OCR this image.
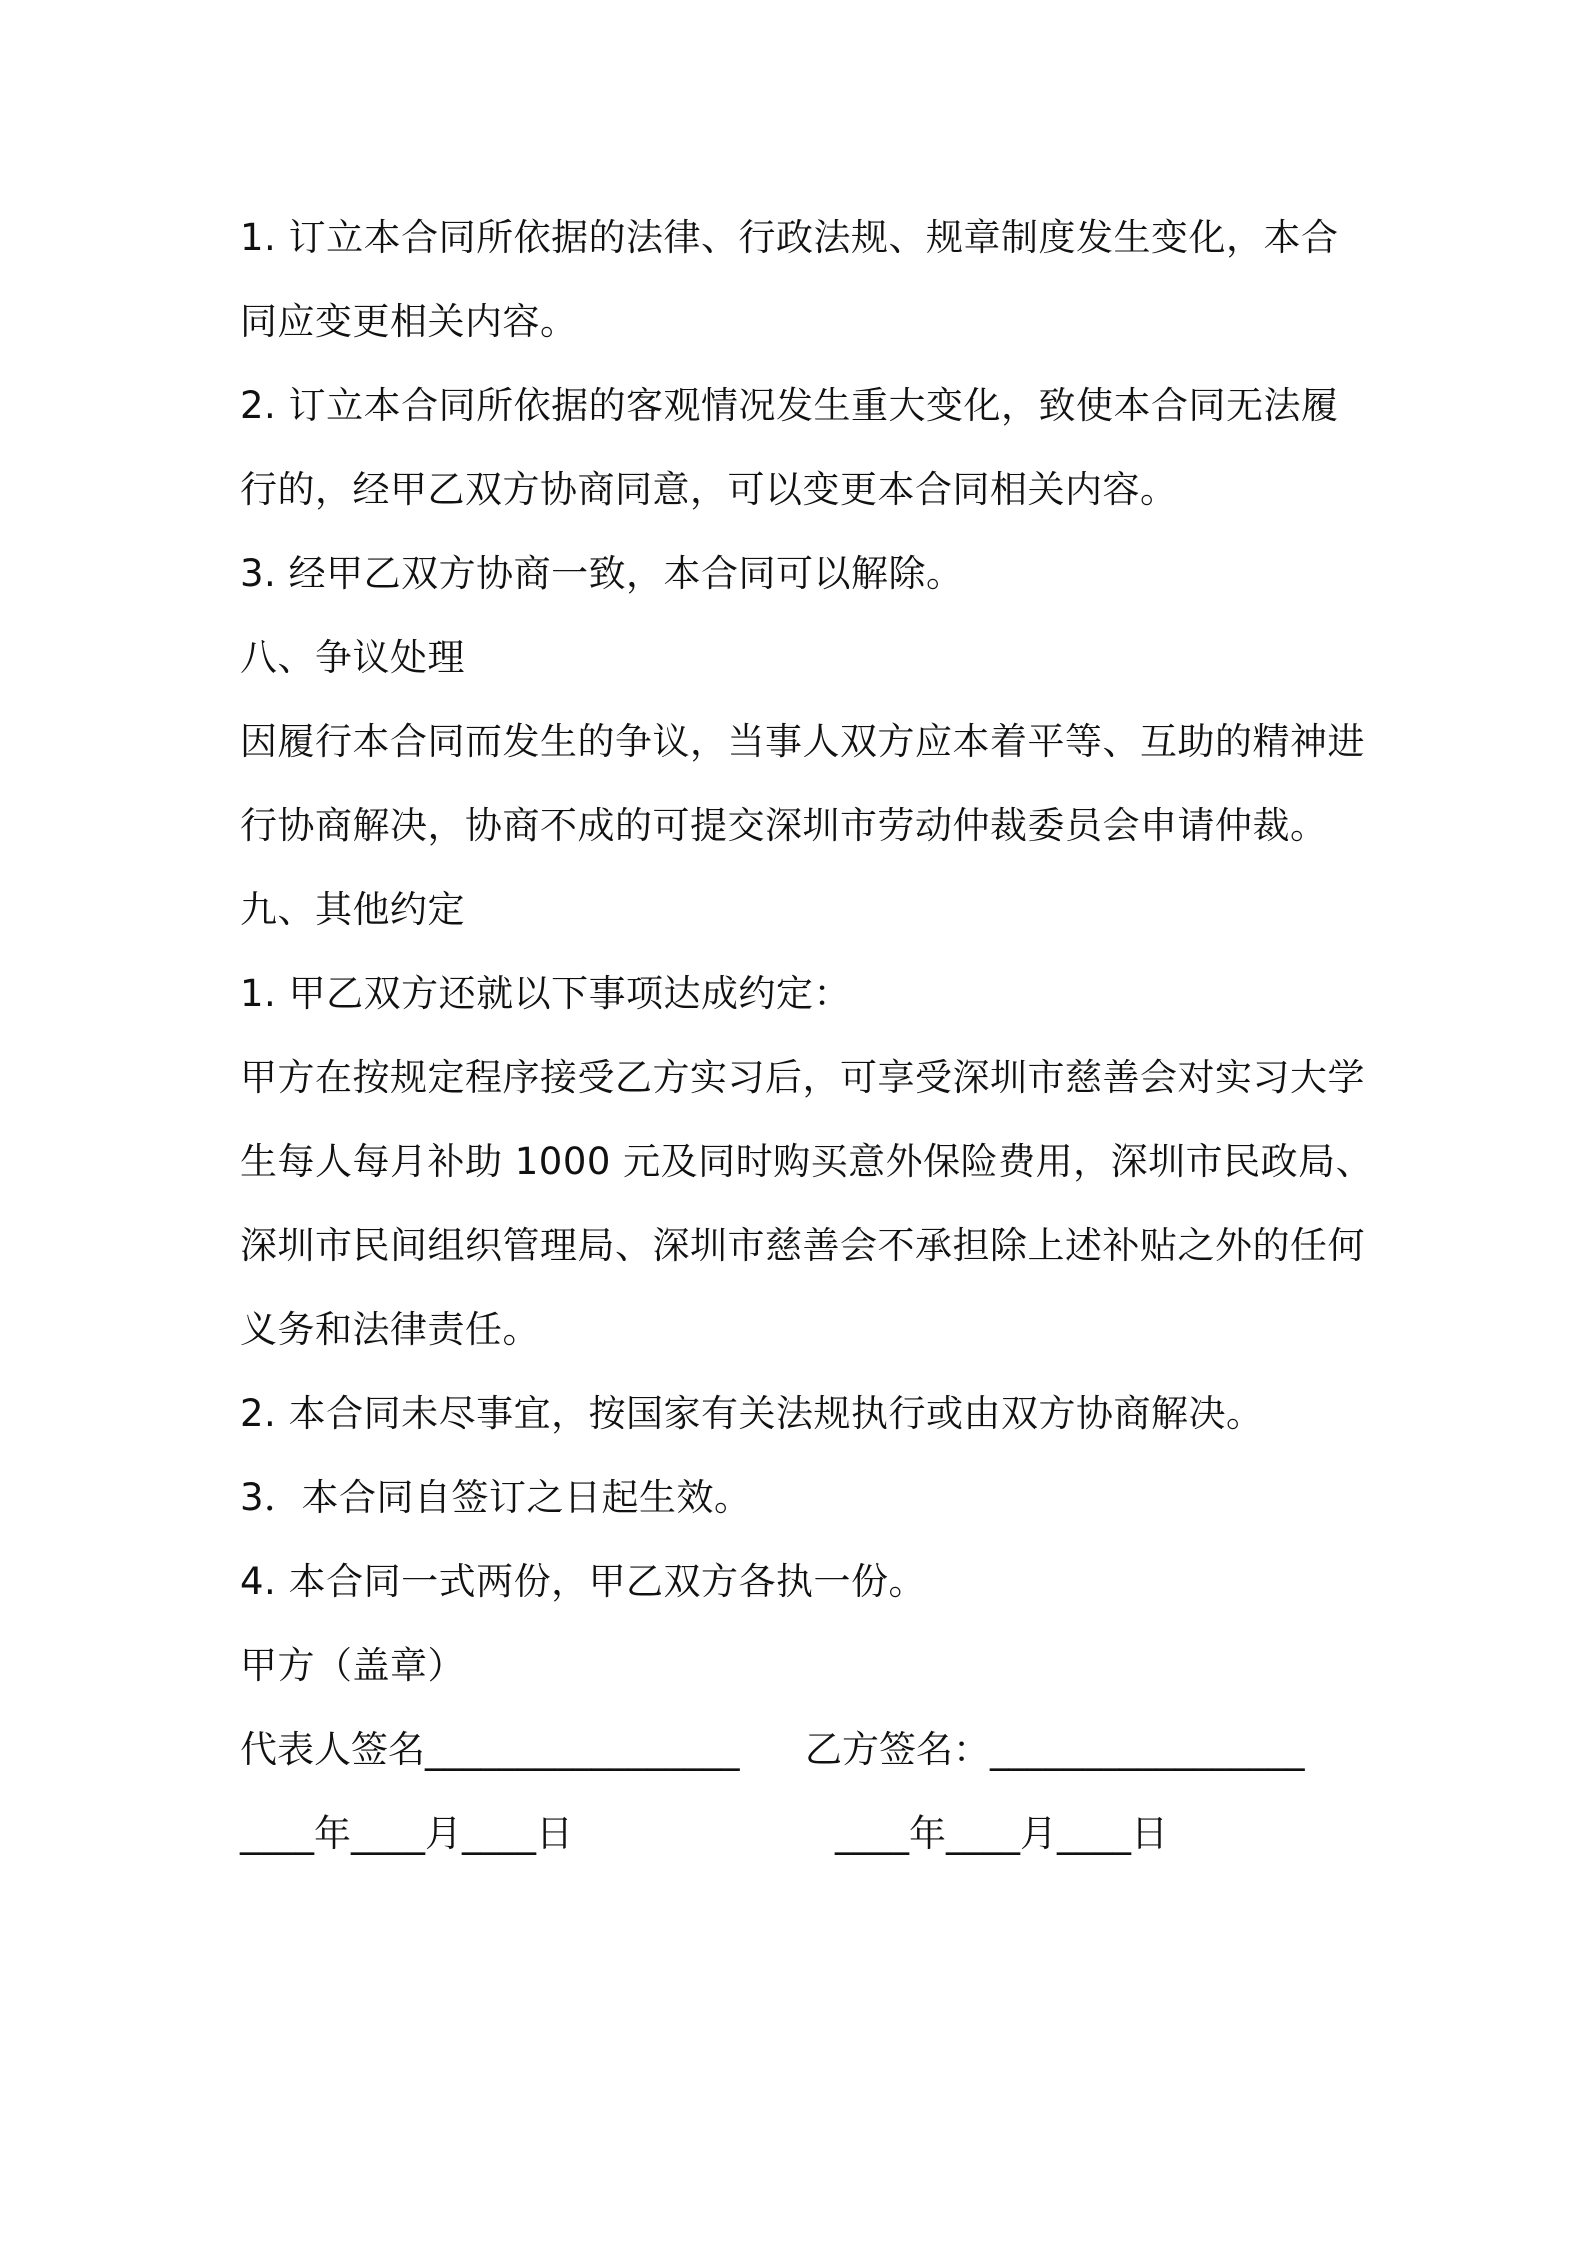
1. 订立本合同所依据的法律、行政法规、规章制度发生变化，本合
同应变更相关内容。
2. 订立本合同所依据的客观情况发生重大变化，致使本合同无法履
行的，经甲乙双方协商同意，可以变更本合同相关内容。
3. 经甲乙双方协商一致，本合同可以解除。
八、争议处理
因履行本合同而发生的争议，当事人双方应本着平等、互助的精神进
行协商解决，协商不成的可提交深圳市劳动仲裁委员会申请仲裁。
九、其他约定
1. 甲乙双方还就以下事项达成约定：
甲方在按规定程序接受乙方实习后，可享受深圳市慈善会对实习大学
生每人每月补助 1000 元及同时购买意外保险费用，深圳市民政局、
深圳市民间组织管理局、深圳市慈善会不承担除上述补贴之外的任何
义务和法律责任。
2. 本合同未尽事宜，按国家有关法规执行或由双方协商解决。
3．本合同自签订之日起生效。
4. 本合同一式两份，甲乙双方各执一份。
甲方（盖章）
代表人签名_________________ 乙方签名：_________________
____年____月____日	____年____月____日
